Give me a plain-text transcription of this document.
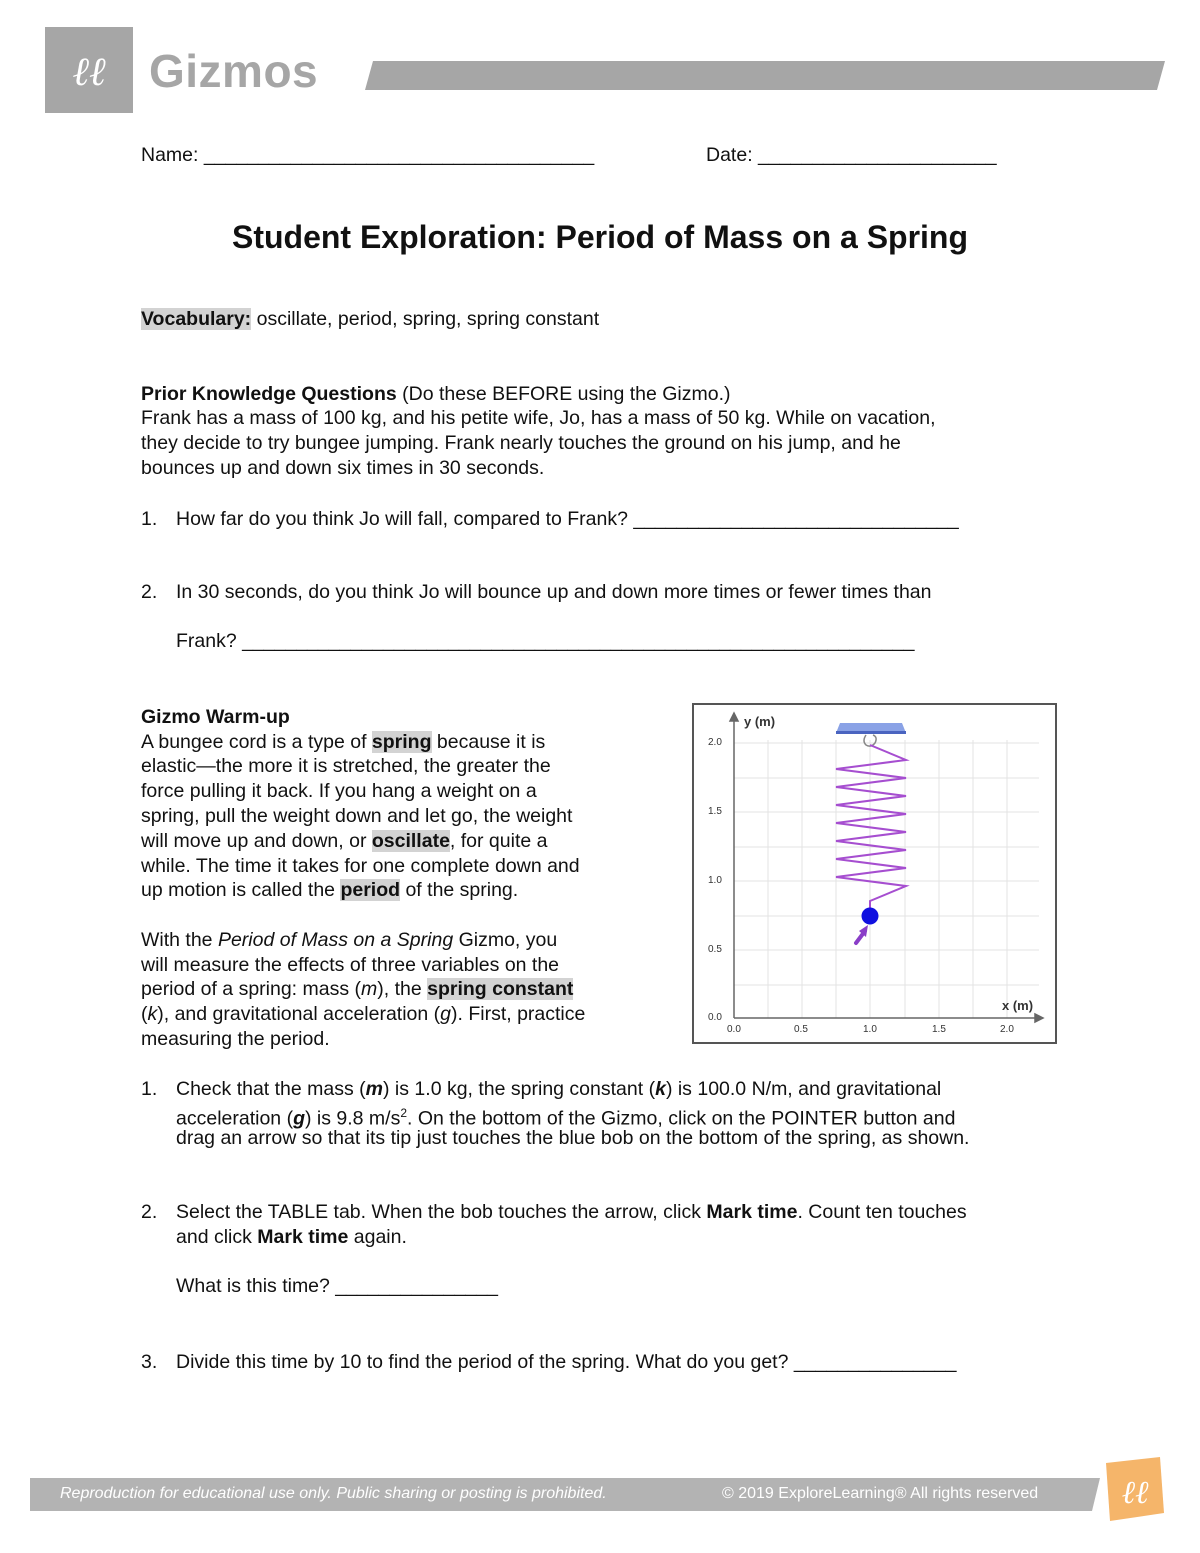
ℓℓ Gizmos
Name: ____________________________________	Date: ______________________
Student Exploration: Period of Mass on a Spring
Vocabulary: oscillate, period, spring, spring constant
Prior Knowledge Questions (Do these BEFORE using the Gizmo.)
Frank has a mass of 100 kg, and his petite wife, Jo, has a mass of 50 kg. While on vacation,
they decide to try bungee jumping. Frank nearly touches the ground on his jump, and he
bounces up and down six times in 30 seconds.
1. How far do you think Jo will fall, compared to Frank? ______________________________
2. In 30 seconds, do you think Jo will bounce up and down more times or fewer times than
Frank? ______________________________________________________________
Gizmo Warm-up
A bungee cord is a type of spring because it is
elastic—the more it is stretched, the greater the
force pulling it back. If you hang a weight on a
spring, pull the weight down and let go, the weight
will move up and down, or oscillate, for quite a
while. The time it takes for one complete down and
up motion is called the period of the spring.
With the Period of Mass on a Spring Gizmo, you
will measure the effects of three variables on the
period of a spring: mass (m), the spring constant
(k), and gravitational acceleration (g). First, practice
measuring the period.
y (m)
x (m)
2.0
1.5
1.0
0.5
0.0
0.0	0.5	1.0	1.5	2.0
1. Check that the mass (m) is 1.0 kg, the spring constant (k) is 100.0 N/m, and gravitational
acceleration (g) is 9.8 $m/s^2$. On the bottom of the Gizmo, click on the POINTER button and
drag an arrow so that its tip just touches the blue bob on the bottom of the spring, as shown.
2. Select the TABLE tab. When the bob touches the arrow, click Mark time. Count ten touches
and click Mark time again.
What is this time? _______________
3. Divide this time by 10 to find the period of the spring. What do you get? _______________
Reproduction for educational use only. Public sharing or posting is prohibited.	© 2019 ExploreLearning® All rights reserved	ℓℓ
